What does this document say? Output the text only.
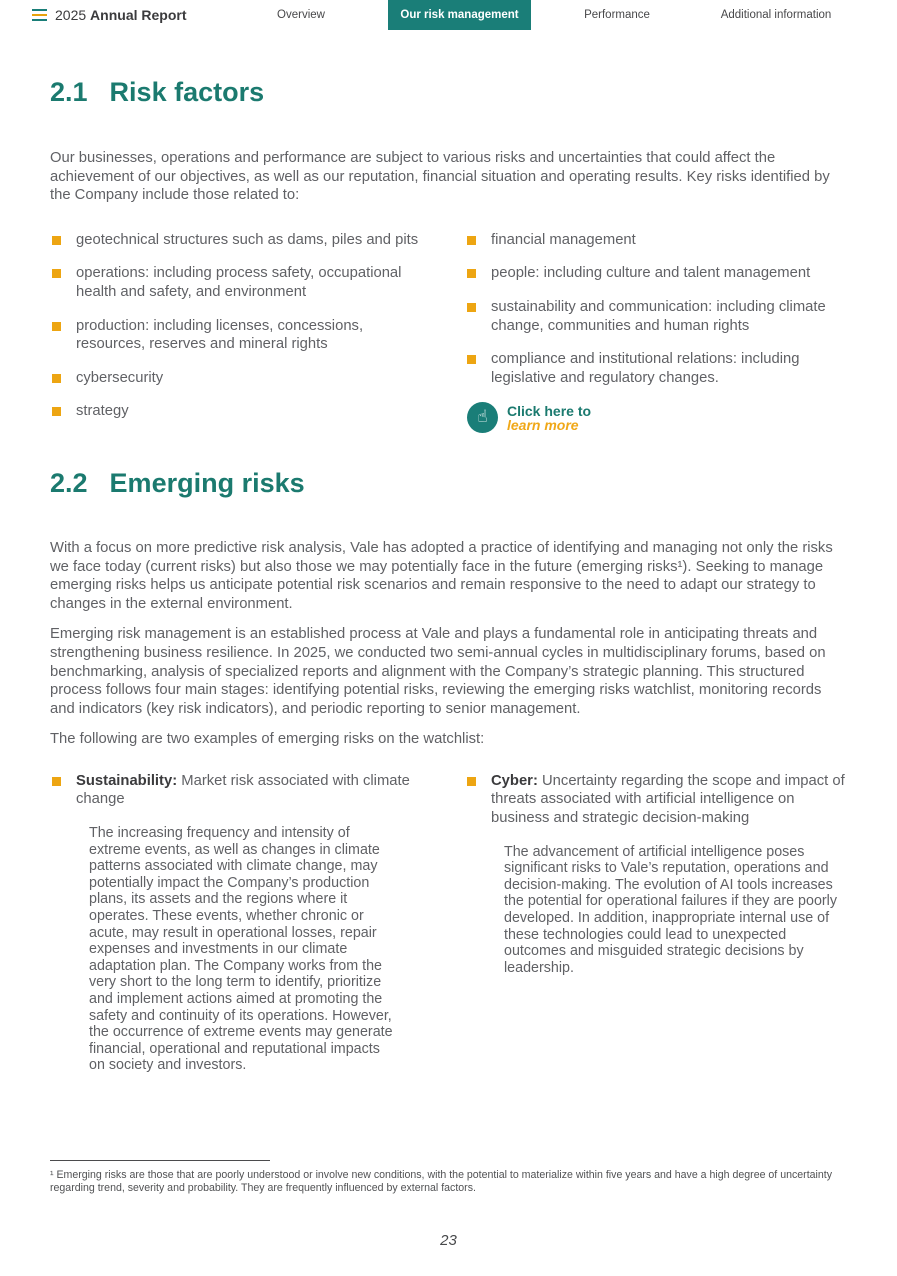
2025 Annual Report	Overview	Our risk management	Performance	Additional information
2.1 Risk factors

Our businesses, operations and performance are subject to various risks and uncertainties that could affect the achievement of our objectives, as well as our reputation, financial situation and operating results. Key risks identified by the Company include those related to:

geotechnical structures such as dams, piles and pits
operations: including process safety, occupational health and safety, and environment
production: including licenses, concessions, resources, reserves and mineral rights
cybersecurity
strategy
financial management
people: including culture and talent management
sustainability and communication: including climate change, communities and human rights
compliance and institutional relations: including legislative and regulatory changes.
☝	Click here to
learn more
2.2 Emerging risks

With a focus on more predictive risk analysis, Vale has adopted a practice of identifying and managing not only the risks we face today (current risks) but also those we may potentially face in the future (emerging risks¹). Seeking to manage emerging risks helps us anticipate potential risk scenarios and remain responsive to the need to adapt our strategy to changes in the external environment.

Emerging risk management is an established process at Vale and plays a fundamental role in anticipating threats and strengthening business resilience. In 2025, we conducted two semi-annual cycles in multidisciplinary forums, based on benchmarking, analysis of specialized reports and alignment with the Company’s strategic planning. This structured process follows four main stages: identifying potential risks, reviewing the emerging risks watchlist, monitoring records and indicators (key risk indicators), and periodic reporting to senior management.

The following are two examples of emerging risks on the watchlist:

Sustainability: Market risk associated with climate change

The increasing frequency and intensity of extreme events, as well as changes in climate patterns associated with climate change, may potentially impact the Company’s production plans, its assets and the regions where it operates. These events, whether chronic or acute, may result in operational losses, repair expenses and investments in our climate adaptation plan. The Company works from the very short to the long term to identify, prioritize and implement actions aimed at promoting the safety and continuity of its operations. However, the occurrence of extreme events may generate financial, operational and reputational impacts on society and investors.

Cyber: Uncertainty regarding the scope and impact of threats associated with artificial intelligence on business and strategic decision-making

The advancement of artificial intelligence poses significant risks to Vale’s reputation, operations and decision-making. The evolution of AI tools increases the potential for operational failures if they are poorly developed. In addition, inappropriate internal use of these technologies could lead to unexpected outcomes and misguided strategic decisions by leadership.

¹ Emerging risks are those that are poorly understood or involve new conditions, with the potential to materialize within five years and have a high degree of uncertainty regarding trend, severity and probability. They are frequently influenced by external factors.
23
